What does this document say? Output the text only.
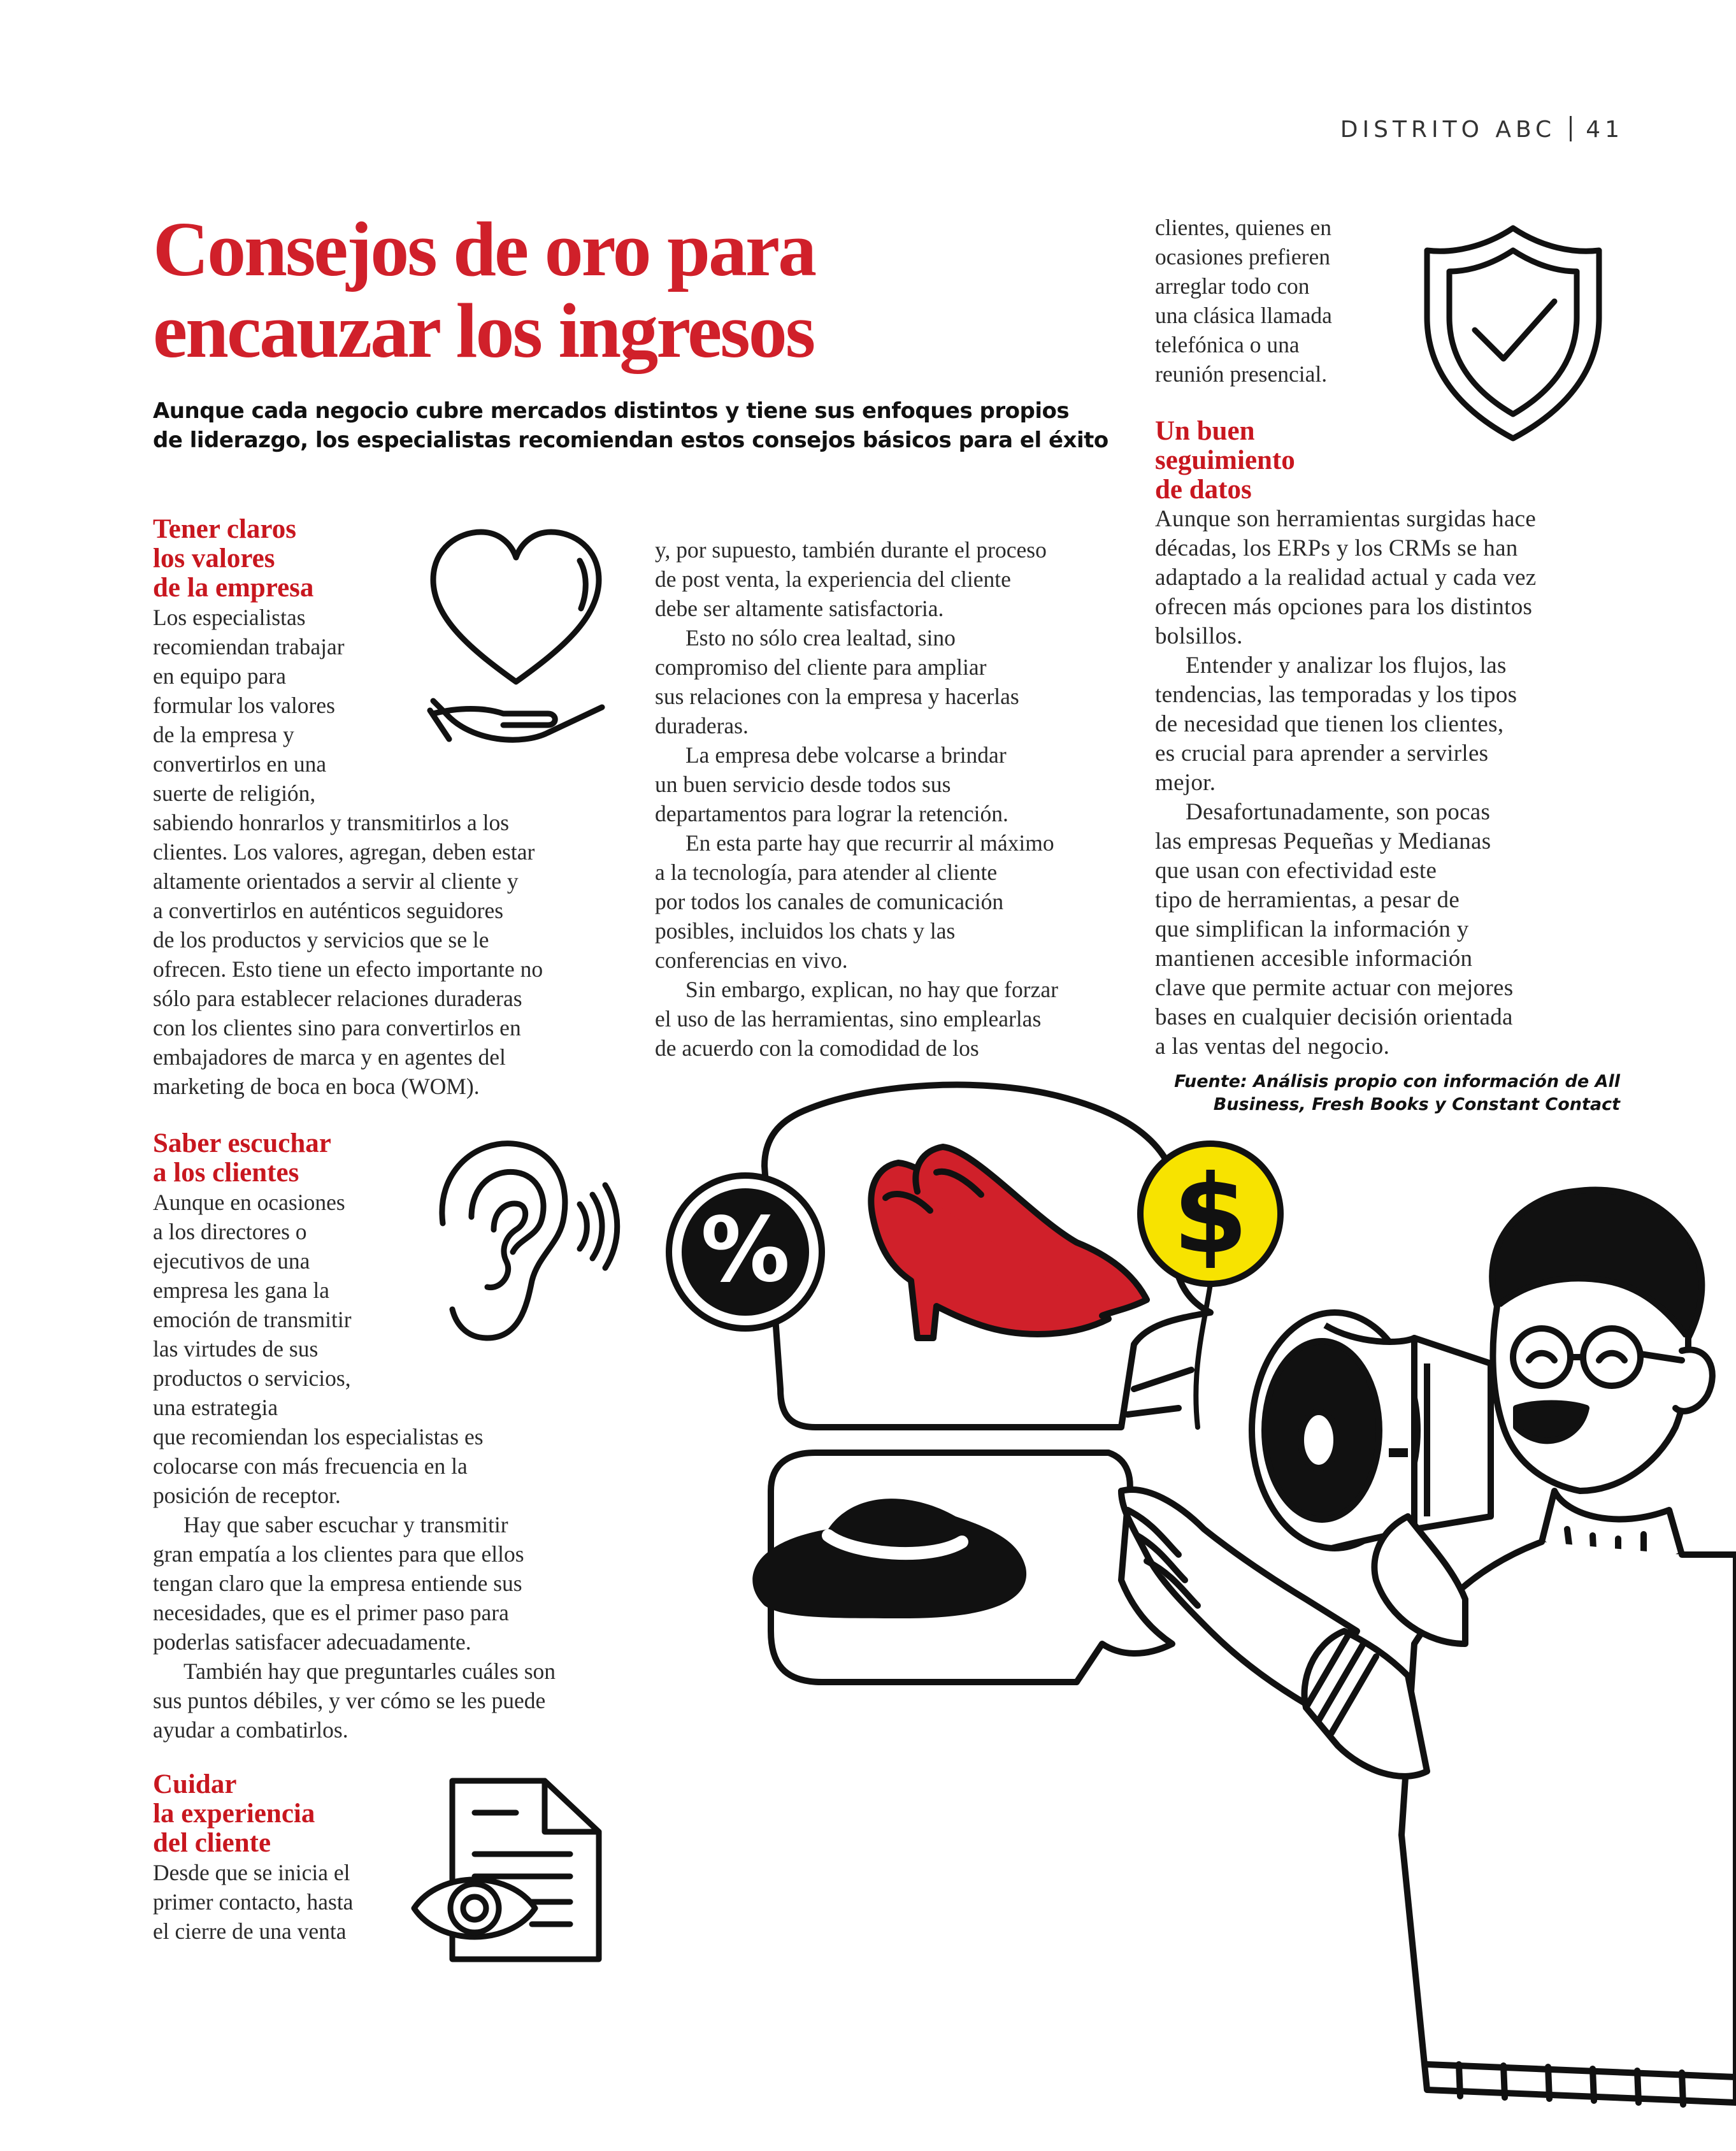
DISTRITO ABC 41
Consejos de oro para
encauzar los ingresos
Aunque cada negocio cubre mercados distintos y tiene sus enfoques propios
de liderazgo, los especialistas recomiendan estos consejos básicos para el éxito
Tener claros
los valores
de la empresa
Los especialistas
recomiendan trabajar
en equipo para
formular los valores
de la empresa y
convertirlos en una
suerte de religión,
sabiendo honrarlos y transmitirlos a los
clientes. Los valores, agregan, deben estar
altamente orientados a servir al cliente y
a convertirlos en auténticos seguidores
de los productos y servicios que se le
ofrecen. Esto tiene un efecto importante no
sólo para establecer relaciones duraderas
con los clientes sino para convertirlos en
embajadores de marca y en agentes del
marketing de boca en boca (WOM).
Saber escuchar
a los clientes
Aunque en ocasiones
a los directores o
ejecutivos de una
empresa les gana la
emoción de transmitir
las virtudes de sus
productos o servicios,
una estrategia
que recomiendan los especialistas es
colocarse con más frecuencia en la
posición de receptor.

Hay que saber escuchar y transmitir

gran empatía a los clientes para que ellos
tengan claro que la empresa entiende sus
necesidades, que es el primer paso para
poderlas satisfacer adecuadamente.

También hay que preguntarles cuáles son

sus puntos débiles, y ver cómo se les puede
ayudar a combatirlos.
Cuidar
la experiencia
del cliente
Desde que se inicia el
primer contacto, hasta
el cierre de una venta
y, por supuesto, también durante el proceso
de post venta, la experiencia del cliente
debe ser altamente satisfactoria.

Esto no sólo crea lealtad, sino

compromiso del cliente para ampliar
sus relaciones con la empresa y hacerlas
duraderas.

La empresa debe volcarse a brindar

un buen servicio desde todos sus
departamentos para lograr la retención.

En esta parte hay que recurrir al máximo

a la tecnología, para atender al cliente
por todos los canales de comunicación
posibles, incluidos los chats y las
conferencias en vivo.

Sin embargo, explican, no hay que forzar

el uso de las herramientas, sino emplearlas
de acuerdo con la comodidad de los
clientes, quienes en
ocasiones prefieren
arreglar todo con
una clásica llamada
telefónica o una
reunión presencial.
Un buen
seguimiento
de datos
Aunque son herramientas surgidas hace
décadas, los ERPs y los CRMs se han
adaptado a la realidad actual y cada vez
ofrecen más opciones para los distintos
bolsillos.

Entender y analizar los flujos, las

tendencias, las temporadas y los tipos
de necesidad que tienen los clientes,
es crucial para aprender a servirles
mejor.

Desafortunadamente, son pocas

las empresas Pequeñas y Medianas
que usan con efectividad este
tipo de herramientas, a pesar de
que simplifican la información y
mantienen accesible información
clave que permite actuar con mejores
bases en cualquier decisión orientada
a las ventas del negocio.
Fuente: Análisis propio con información de All
Business, Fresh Books y Constant Contact
%	$
